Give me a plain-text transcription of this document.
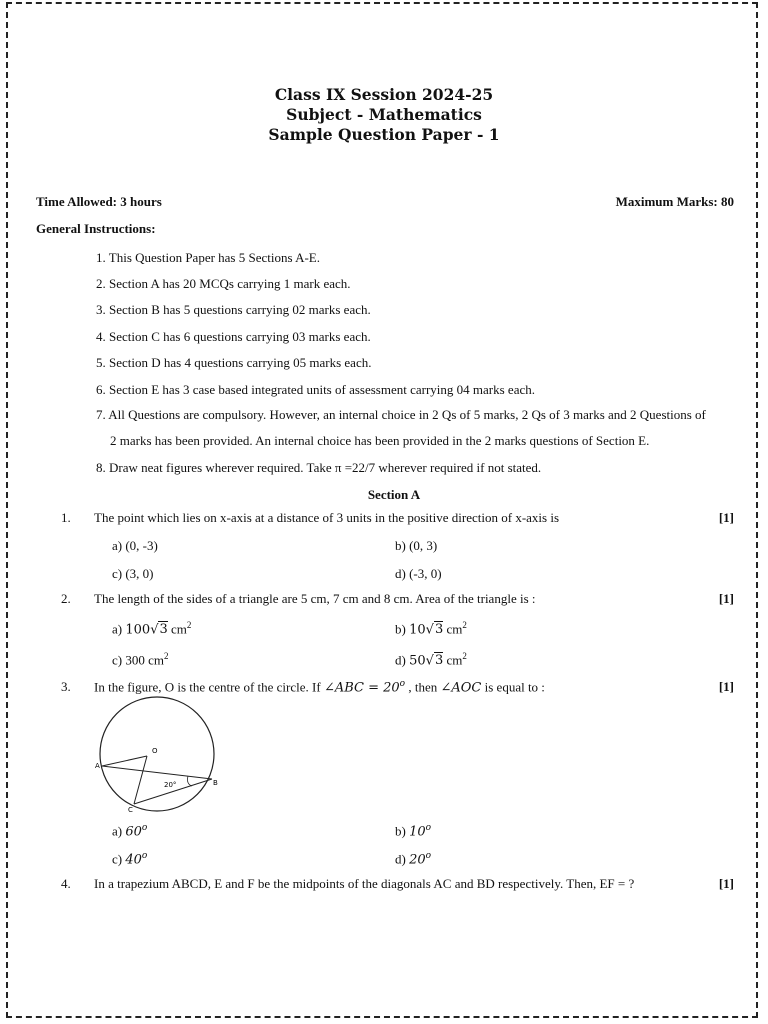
Class IX Session 2024-25
Subject - Mathematics
Sample Question Paper - 1
Time Allowed: 3 hours	Maximum Marks: 80
General Instructions:
1. This Question Paper has 5 Sections A-E.
2. Section A has 20 MCQs carrying 1 mark each.
3. Section B has 5 questions carrying 02 marks each.
4. Section C has 6 questions carrying 03 marks each.
5. Section D has 4 questions carrying 05 marks each.
6. Section E has 3 case based integrated units of assessment carrying 04 marks each.
7. All Questions are compulsory. However, an internal choice in 2 Qs of 5 marks, 2 Qs of 3 marks and 2 Questions of
2 marks has been provided. An internal choice has been provided in the 2 marks questions of Section E.
8. Draw neat figures wherever required. Take π =22/7 wherever required if not stated.
Section A
1. The point which lies on x-axis at a distance of 3 units in the positive direction of x-axis is	[1]
a) (0, -3)	b) (0, 3)
c) (3, 0)	d) (-3, 0)
2. The length of the sides of a triangle are 5 cm, 7 cm and 8 cm. Area of the triangle is :	[1]
a) 100√3 $cm^2$	b) 10√3 $cm^2$
c) 300 $cm^2$	d) 50√3 $cm^2$
3. In the figure, O is the centre of the circle. If ∠ABC = $20^o$ , then ∠AOC is equal to :	[1]
O
A
B
C
20°
a) 60$^o$	b) 10$^o$
c) 40$^o$	d) 20$^o$
4. In a trapezium ABCD, E and F be the midpoints of the diagonals AC and BD respectively. Then, EF = ?	[1]
